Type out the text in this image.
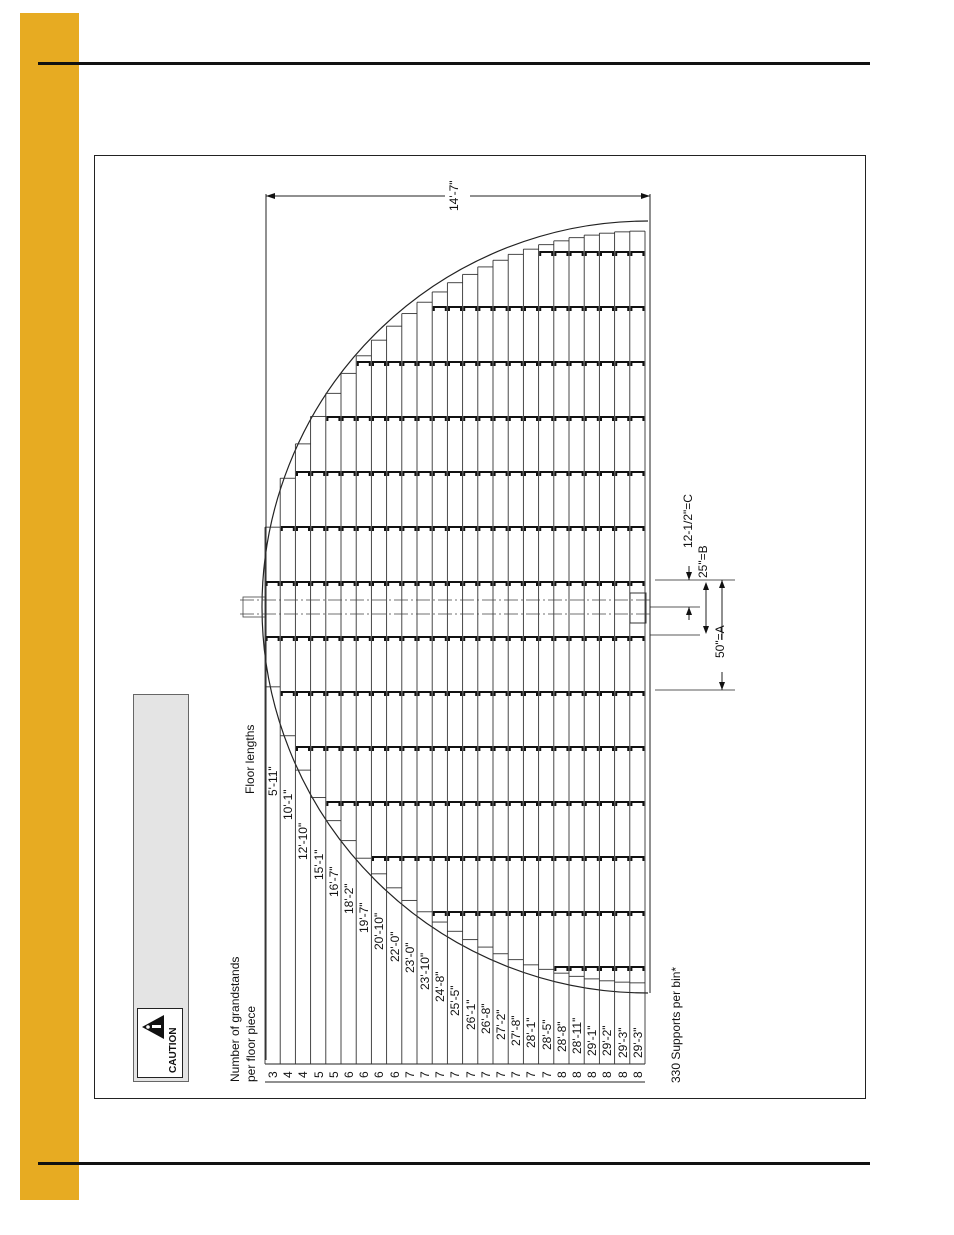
CAUTION
14'-7"
12-1/2"=C
25"=B
50"=A
Number of grandstands per floor piece
Floor lengths
330 Supports per bin*
3
5'-11"
4
10'-1"
4
12'-10"
5
15'-1"
5
16'-7"
6
18'-2"
6
19'-7"
6
20'-10"
6
22'-0"
7
23'-0"
7
23'-10"
7
24'-8"
7
25'-5"
7
26'-1"
7
26'-8"
7
27'-2"
7
27'-8"
7
28'-1"
7
28'-5"
8
28'-8"
8
28'-11"
8
29'-1"
8
29'-2"
8
29'-3"
8
29'-3"
